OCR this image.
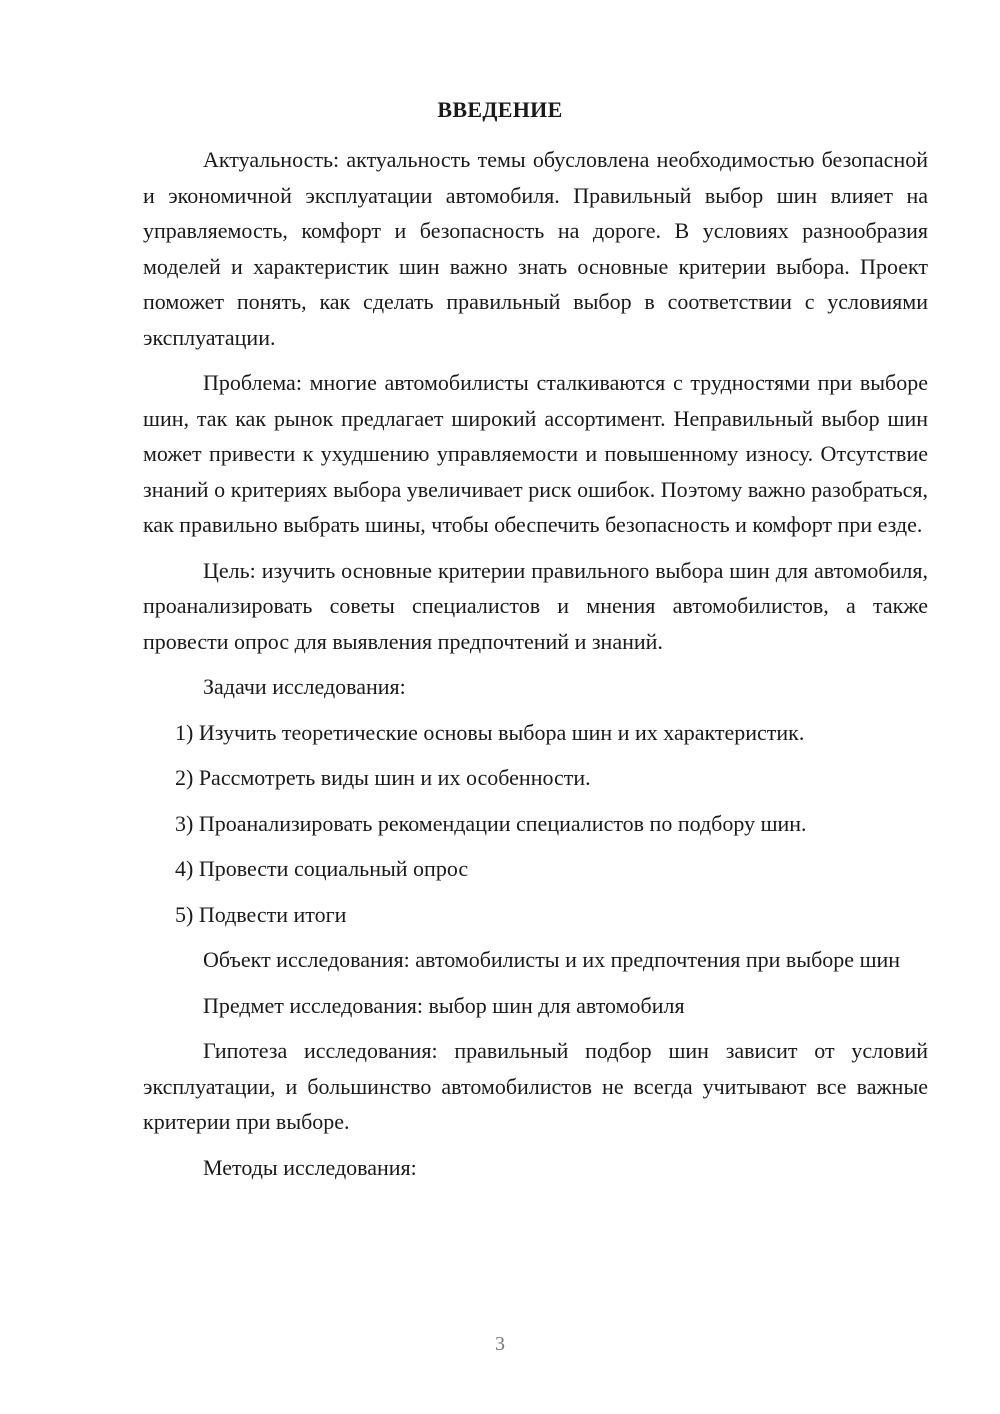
ВВЕДЕНИЕ

Актуальность: актуальность темы обусловлена необходимостью безопасной и экономичной эксплуатации автомобиля. Правильный выбор шин влияет на управляемость, комфорт и безопасность на дороге. В условиях разнообразия моделей и характеристик шин важно знать основные критерии выбора. Проект поможет понять, как сделать правильный выбор в соответствии с условиями эксплуатации.

Проблема: многие автомобилисты сталкиваются с трудностями при выборе шин, так как рынок предлагает широкий ассортимент. Неправильный выбор шин может привести к ухудшению управляемости и повышенному износу. Отсутствие знаний о критериях выбора увеличивает риск ошибок. Поэтому важно разобраться, как правильно выбрать шины, чтобы обеспечить безопасность и комфорт при езде.

Цель: изучить основные критерии правильного выбора шин для автомобиля, проанализировать советы специалистов и мнения автомобилистов, а также провести опрос для выявления предпочтений и знаний.

Задачи исследования:

1) Изучить теоретические основы выбора шин и их характеристик.

2) Рассмотреть виды шин и их особенности.

3) Проанализировать рекомендации специалистов по подбору шин.

4) Провести социальный опрос

5) Подвести итоги

Объект исследования: автомобилисты и их предпочтения при выборе шин

Предмет исследования: выбор шин для автомобиля

Гипотеза исследования: правильный подбор шин зависит от условий эксплуатации, и большинство автомобилистов не всегда учитывают все важные критерии при выборе.

Методы исследования:

3
